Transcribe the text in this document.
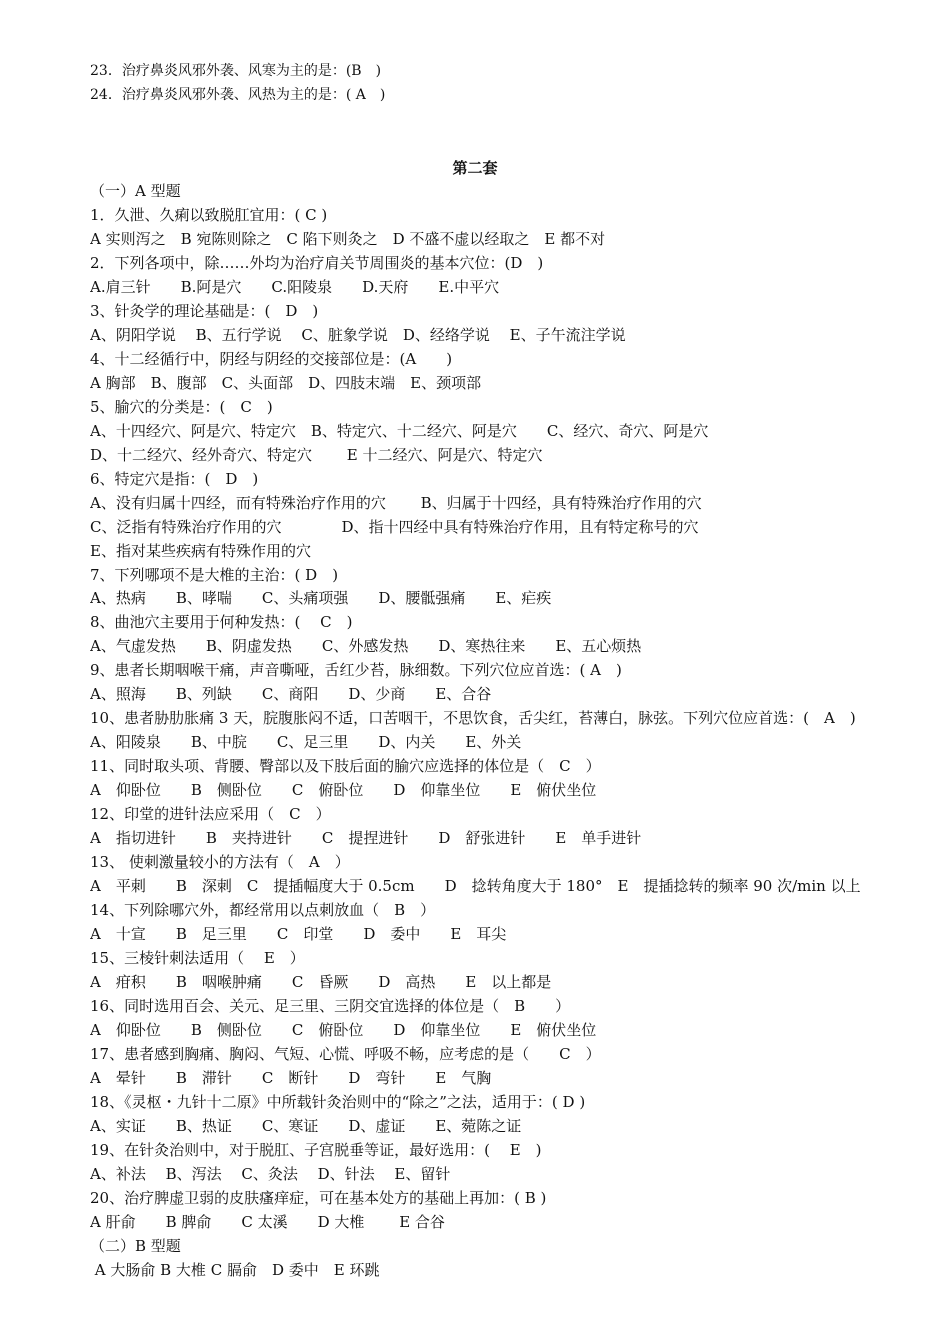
23．治疗鼻炎风邪外袭、风寒为主的是：(B　)
24．治疗鼻炎风邪外袭、风热为主的是：( A　)
第二套
（一）A 型题
1．久泄、久痢以致脱肛宜用：( C )
A 实则泻之　B 宛陈则除之　C 陷下则灸之　D 不盛不虚以经取之　E 都不对
2．下列各项中，除……外均为治疗肩关节周围炎的基本穴位：(D　)
A.肩三针　　B.阿是穴　　C.阳陵泉　　D.天府　　E.中平穴
3、针灸学的理论基础是：(　D　)
A、阴阳学说　 B、五行学说　 C、脏象学说　D、经络学说　 E、子午流注学说
4、十二经循行中，阴经与阴经的交接部位是：(A　　)
A 胸部　B、腹部　C、头面部　D、四肢末端　E、颈项部
5、腧穴的分类是：(　C　)
A、十四经穴、阿是穴、特定穴　B、特定穴、十二经穴、阿是穴　　C、经穴、奇穴、阿是穴
D、十二经穴、经外奇穴、特定穴　　 E 十二经穴、阿是穴、特定穴
6、特定穴是指：(　D　)
A、没有归属十四经，而有特殊治疗作用的穴　　 B、归属于十四经，具有特殊治疗作用的穴
C、泛指有特殊治疗作用的穴　　　　D、指十四经中具有特殊治疗作用，且有特定称号的穴
E、指对某些疾病有特殊作用的穴
7、下列哪项不是大椎的主治：( D　)
A、热病　　B、哮喘　　C、头痛项强　　D、腰骶强痛　　E、疟疾
8、曲池穴主要用于何种发热：(　 C　)
A、气虚发热　　B、阴虚发热　　C、外感发热　　D、寒热往来　　E、五心烦热
9、患者长期咽喉干痛，声音嘶哑，舌红少苔，脉细数。下列穴位应首选：( A　)
A、照海　　B、列缺　　C、商阳　　D、少商　　E、合谷
10、患者胁肋胀痛 3 天，脘腹胀闷不适，口苦咽干，不思饮食，舌尖红，苔薄白，脉弦。下列穴位应首选：(　A　)
A、阳陵泉　　B、中脘　　C、足三里　　D、内关　　E、外关
11、同时取头项、背腰、臀部以及下肢后面的腧穴应选择的体位是（　C　）
A　仰卧位　　B　侧卧位　　C　俯卧位　　D　仰靠坐位　　E　俯伏坐位
12、印堂的进针法应采用（　C　）
A　指切进针　　B　夹持进针　　C　提捏进针　　D　舒张进针　　E　单手进针
13、 使刺激量较小的方法有（　A　）
A　平刺　　B　深刺　C　提插幅度大于 0.5cm　　D　捻转角度大于 180°　E　提插捻转的频率 90 次/min 以上
14、下列除哪穴外，都经常用以点刺放血（　B　）
A　十宣　　B　足三里　　C　印堂　　D　委中　　E　耳尖
15、三棱针刺法适用（　 E　）
A　疳积　　B　咽喉肿痛　　C　昏厥　　D　高热　　E　以上都是
16、同时选用百会、关元、足三里、三阴交宜选择的体位是（　B　　）
A　仰卧位　　B　侧卧位　　C　俯卧位　　D　仰靠坐位　　E　俯伏坐位
17、患者感到胸痛、胸闷、气短、心慌、呼吸不畅，应考虑的是（　　C　）
A　晕针　　B　滞针　　C　断针　　D　弯针　　E　气胸
18、《灵枢・九针十二原》中所载针灸治则中的“除之”之法，适用于：( D )
A、实证　　B、热证　　C、寒证　　D、虚证　　E、菀陈之证
19、在针灸治则中，对于脱肛、子宫脱垂等证，最好选用：(　 E　)
A、补法　 B、泻法　 C、灸法　 D、针法　 E、留针
20、治疗脾虚卫弱的皮肤瘙痒症，可在基本处方的基础上再加：( B )
A 肝俞　　B 脾俞　　C 太溪　　D 大椎　　 E 合谷
（二）B 型题
A 大肠俞 B 大椎 C 膈俞　D 委中　E 环跳
